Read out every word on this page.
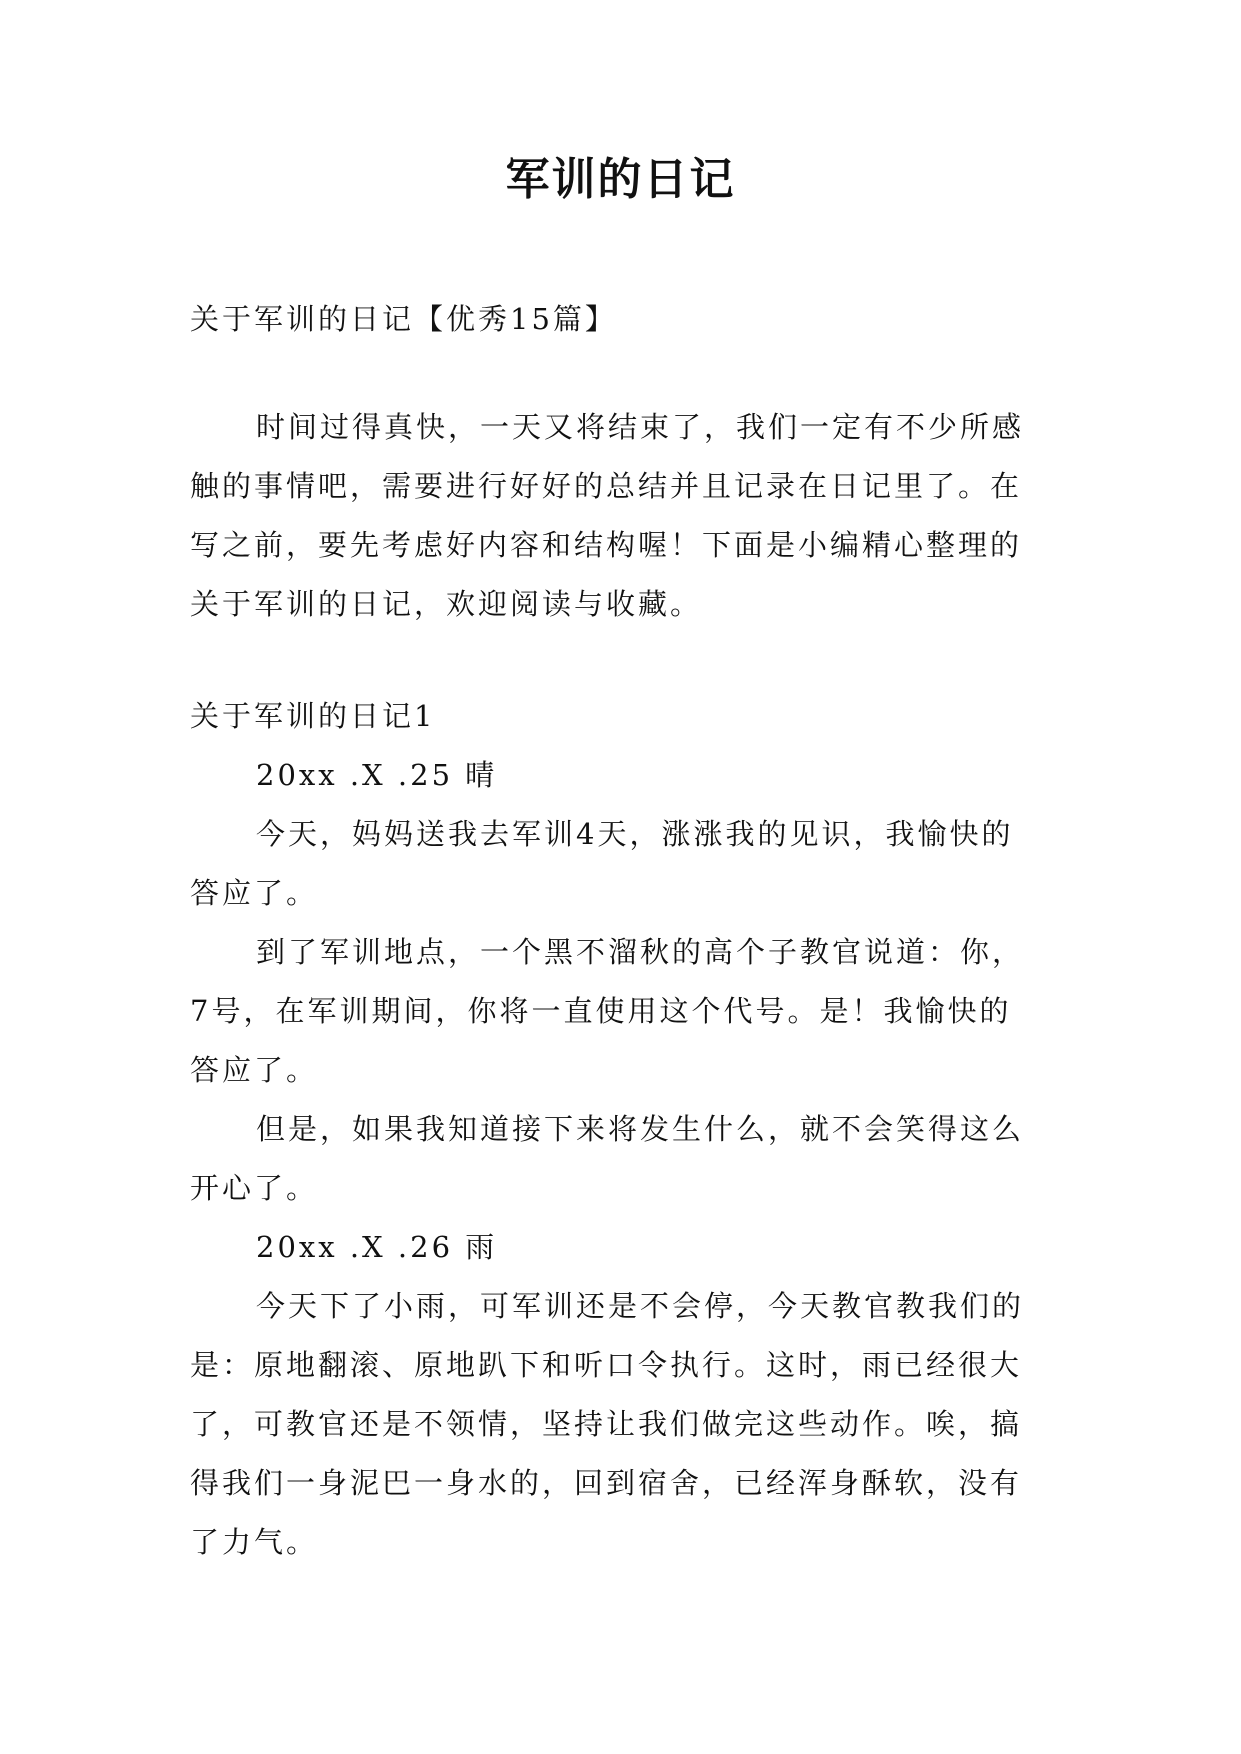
军训的日记
关于军训的日记【优秀15篇】
时间过得真快，一天又将结束了，我们一定有不少所感
触的事情吧，需要进行好好的总结并且记录在日记里了。在
写之前，要先考虑好内容和结构喔！下面是小编精心整理的
关于军训的日记，欢迎阅读与收藏。
关于军训的日记1
20xx .X .25 晴
今天，妈妈送我去军训4天，涨涨我的见识，我愉快的
答应了。
到了军训地点，一个黑不溜秋的高个子教官说道：你，
7号，在军训期间，你将一直使用这个代号。是！我愉快的
答应了。
但是，如果我知道接下来将发生什么，就不会笑得这么
开心了。
20xx .X .26 雨
今天下了小雨，可军训还是不会停，今天教官教我们的
是：原地翻滚、原地趴下和听口令执行。这时，雨已经很大
了，可教官还是不领情，坚持让我们做完这些动作。唉，搞
得我们一身泥巴一身水的，回到宿舍，已经浑身酥软，没有
了力气。
